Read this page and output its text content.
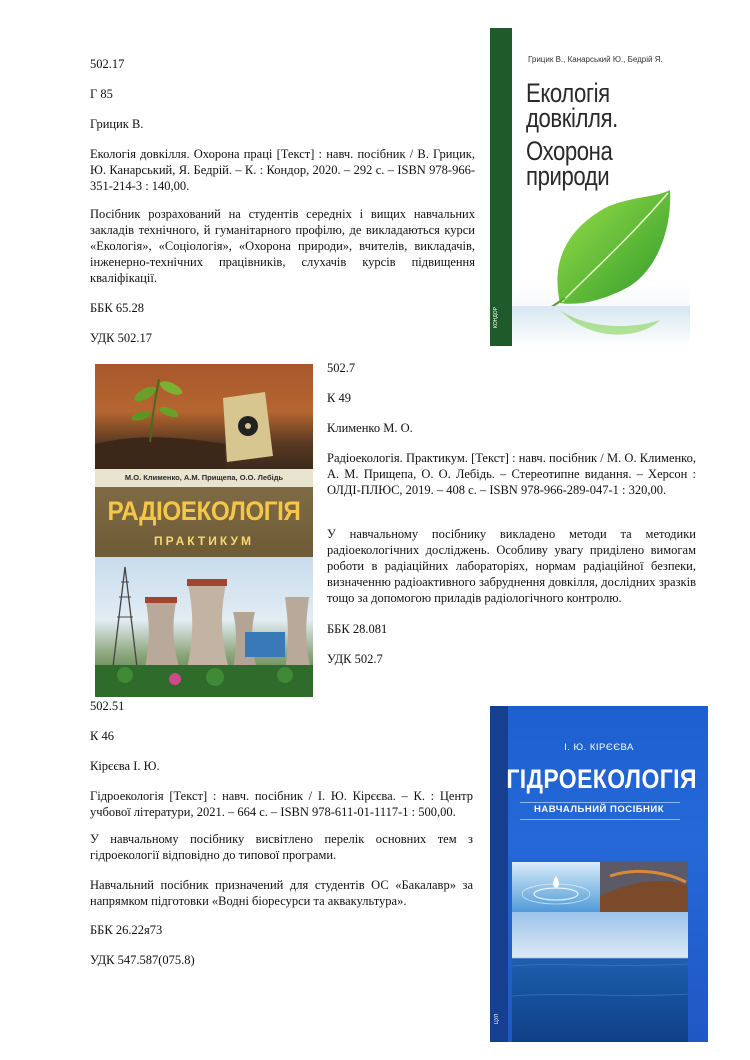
502.17

Г 85

Грицик В.

Екологія довкілля. Охорона праці [Текст] : навч. посібник / В. Грицик, Ю. Канарський, Я. Бедрій. – К. : Кондор, 2020. – 292 с. – ISBN 978-966-351-214-3 : 140,00.

Посібник розрахований на студентів середніх і вищих навчальних закладів технічного, й гуманітарного профілю, де викладаються курси «Екологія», «Соціологія», «Охорона природи», вчителів, викладачів, інженерно-технічних працівників, слухачів курсів підвищення кваліфікації.

ББК 65.28

УДК 502.17

Грицик В., Канарський Ю., Бедрій Я.
Екологія
довкілля.
Охорона
природи
КОНДОР

502.7

К 49

Клименко М. О.

Радіоекологія. Практикум. [Текст] : навч. посібник / М. О. Клименко, А. М. Прищепа, О. О. Лебідь. – Стереотипне видання. – Херсон : ОЛДІ-ПЛЮС, 2019. – 408 с. – ISBN 978-966-289-047-1 : 320,00.

У навчальному посібнику викладено методи та методики радіоекологічних досліджень. Особливу увагу приділено вимогам роботи в радіаційних лабораторіях, нормам радіаційної безпеки, визначенню радіоактивного забруднення довкілля, дослідних зразків тощо за допомогою приладів радіологічного контролю.

ББК 28.081

УДК 502.7

М.О. Клименко, А.М. Прищепа, О.О. Лебідь
РАДІОЕКОЛОГІЯ
ПРАКТИКУМ

502.51

К 46

Кірєєва І. Ю.

Гідроекологія [Текст] : навч. посібник / І. Ю. Кірєєва. – К. : Центр учбової літератури, 2021. – 664 с. – ISBN 978-611-01-1117-1 : 500,00.

У навчальному посібнику висвітлено перелік основних тем з гідроекології відповідно до типової програми.

Навчальний посібник призначений для студентів ОС «Бакалавр» за напрямком підготовки «Водні біоресурси та аквакультура».

ББК 26.22я73

УДК 547.587(075.8)

І. Ю. КІРЄЄВА
ГІДРОЕКОЛОГІЯ
НАВЧАЛЬНИЙ ПОСІБНИК
ЦУЛ
